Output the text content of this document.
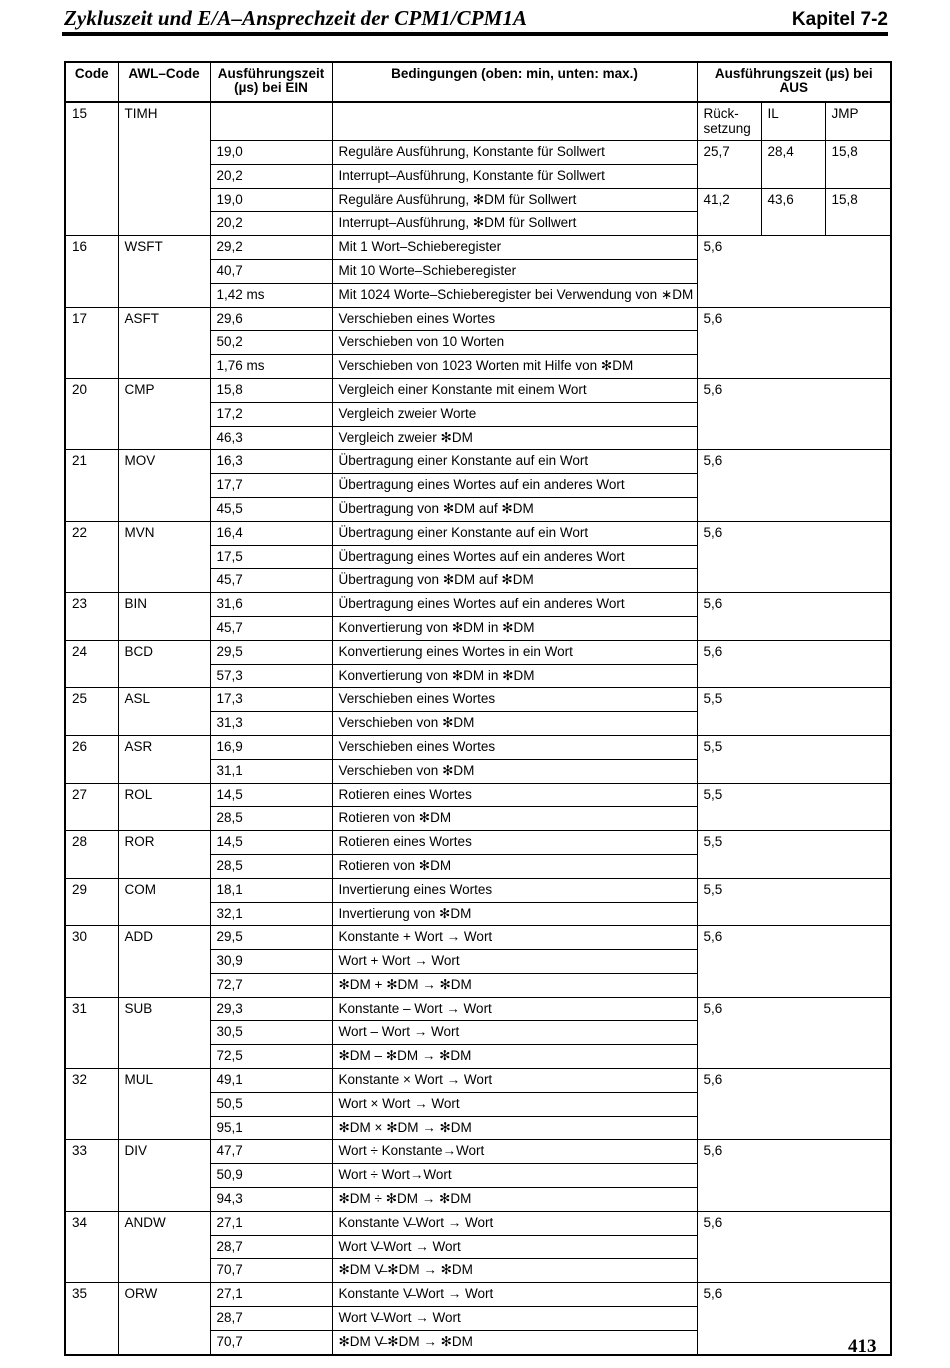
Zykluszeit und E/A–Ansprechzeit der CPM1/CPM1A	Kapitel 7-2
Code	AWL–Code	Ausführungszeit (µs) bei EIN	Bedingungen (oben: min, unten: max.)	Ausführungszeit (µs) bei AUS		
15	TIMH			Rück-setzung	IL	JMP
		19,0	Reguläre Ausführung, Konstante für Sollwert	25,7	28,4	15,8
		20,2	Interrupt–Ausführung, Konstante für Sollwert			
		19,0	Reguläre Ausführung, ✻DM für Sollwert	41,2	43,6	15,8
		20,2	Interrupt–Ausführung, ✻DM für Sollwert			
16	WSFT	29,2	Mit 1 Wort–Schieberegister	5,6		
		40,7	Mit 10 Worte–Schieberegister			
		1,42 ms	Mit 1024 Worte–Schieberegister bei Verwendung von ∗DM			
17	ASFT	29,6	Verschieben eines Wortes	5,6		
		50,2	Verschieben von 10 Worten			
		1,76 ms	Verschieben von 1023 Worten mit Hilfe von ✻DM			
20	CMP	15,8	Vergleich einer Konstante mit einem Wort	5,6		
		17,2	Vergleich zweier Worte			
		46,3	Vergleich zweier ✻DM			
21	MOV	16,3	Übertragung einer Konstante auf ein Wort	5,6		
		17,7	Übertragung eines Wortes auf ein anderes Wort			
		45,5	Übertragung von ✻DM auf ✻DM			
22	MVN	16,4	Übertragung einer Konstante auf ein Wort	5,6		
		17,5	Übertragung eines Wortes auf ein anderes Wort			
		45,7	Übertragung von ✻DM auf ✻DM			
23	BIN	31,6	Übertragung eines Wortes auf ein anderes Wort	5,6		
		45,7	Konvertierung von ✻DM in ✻DM			
24	BCD	29,5	Konvertierung eines Wortes in ein Wort	5,6		
		57,3	Konvertierung von ✻DM in ✻DM			
25	ASL	17,3	Verschieben eines Wortes	5,5		
		31,3	Verschieben von ✻DM			
26	ASR	16,9	Verschieben eines Wortes	5,5		
		31,1	Verschieben von ✻DM			
27	ROL	14,5	Rotieren eines Wortes	5,5		
		28,5	Rotieren von ✻DM			
28	ROR	14,5	Rotieren eines Wortes	5,5		
		28,5	Rotieren von ✻DM			
29	COM	18,1	Invertierung eines Wortes	5,5		
		32,1	Invertierung von ✻DM			
30	ADD	29,5	Konstante + Wort → Wort	5,6		
		30,9	Wort + Wort → Wort			
		72,7	✻DM + ✻DM → ✻DM			
31	SUB	29,3	Konstante – Wort → Wort	5,6		
		30,5	Wort – Wort → Wort			
		72,5	✻DM – ✻DM → ✻DM			
32	MUL	49,1	Konstante × Wort → Wort	5,6		
		50,5	Wort × Wort → Wort			
		95,1	✻DM × ✻DM → ✻DM			
33	DIV	47,7	Wort ÷ Konstante→Wort	5,6		
		50,9	Wort ÷ Wort→Wort			
		94,3	✻DM ÷ ✻DM → ✻DM			
34	ANDW	27,1	Konstante V̶ Wort → Wort	5,6		
		28,7	Wort V̶ Wort → Wort			
		70,7	✻DM V̶ ✻DM → ✻DM			
35	ORW	27,1	Konstante V̶ Wort → Wort	5,6		
		28,7	Wort V̶ Wort → Wort			
		70,7	✻DM V̶ ✻DM → ✻DM				413
